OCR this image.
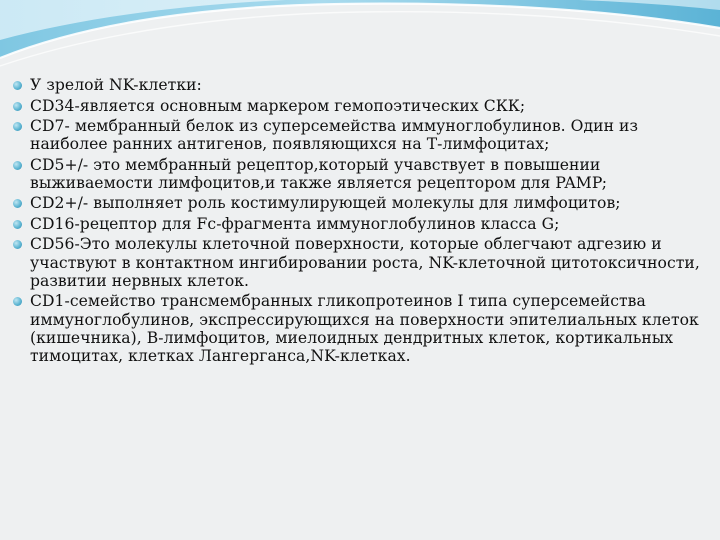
У зрелой NK-клетки:
CD34-является основным маркером гемопоэтических СКК;
CD7- мембранный белок из суперсемейства иммуноглобулинов. Один из наиболее ранних антигенов, появляющихся на Т-лимфоцитах;
CD5+/- это мембранный рецептор,который учавствует в повышении выживаемости лимфоцитов,и также является рецептором для PAMP;
CD2+/- выполняет роль костимулирующей молекулы для лимфоцитов;
CD16-рецептор для Fc-фрагмента иммуноглобулинов класса G;
CD56-Это молекулы клеточной поверхности, которые облегчают адгезию и участвуют в контактном ингибировании роста, NK-клеточной цитотоксичности, развитии нервных клеток.
CD1-семейство трансмембранных гликопротеинов I типа суперсемейства иммуноглобулинов, экспрессирующихся на поверхности эпителиальных клеток (кишечника), В-лимфоцитов, миелоидных дендритных клеток, кортикальных тимоцитах, клетках Лангерганса,NK-клетках.
